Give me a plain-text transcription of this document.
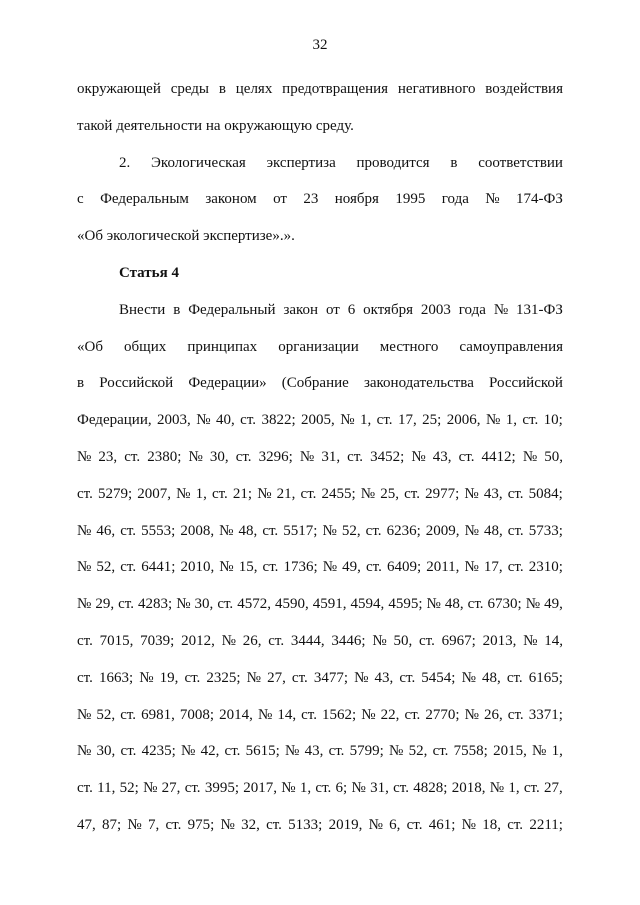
32
окружающей среды в целях предотвращения негативного воздействия
такой деятельности на окружающую среду.
2. Экологическая экспертиза проводится в соответствии
с Федеральным законом от 23 ноября 1995 года № 174-ФЗ
«Об экологической экспертизе».».
Статья 4
Внести в Федеральный закон от 6 октября 2003 года № 131-ФЗ
«Об общих принципах организации местного самоуправления
в Российской Федерации» (Собрание законодательства Российской
Федерации, 2003, № 40, ст. 3822; 2005, № 1, ст. 17, 25; 2006, № 1, ст. 10;
№ 23, ст. 2380; № 30, ст. 3296; № 31, ст. 3452; № 43, ст. 4412; № 50,
ст. 5279; 2007, № 1, ст. 21; № 21, ст. 2455; № 25, ст. 2977; № 43, ст. 5084;
№ 46, ст. 5553; 2008, № 48, ст. 5517; № 52, ст. 6236; 2009, № 48, ст. 5733;
№ 52, ст. 6441; 2010, № 15, ст. 1736; № 49, ст. 6409; 2011, № 17, ст. 2310;
№ 29, ст. 4283; № 30, ст. 4572, 4590, 4591, 4594, 4595; № 48, ст. 6730; № 49,
ст. 7015, 7039; 2012, № 26, ст. 3444, 3446; № 50, ст. 6967; 2013, № 14,
ст. 1663; № 19, ст. 2325; № 27, ст. 3477; № 43, ст. 5454; № 48, ст. 6165;
№ 52, ст. 6981, 7008; 2014, № 14, ст. 1562; № 22, ст. 2770; № 26, ст. 3371;
№ 30, ст. 4235; № 42, ст. 5615; № 43, ст. 5799; № 52, ст. 7558; 2015, № 1,
ст. 11, 52; № 27, ст. 3995; 2017, № 1, ст. 6; № 31, ст. 4828; 2018, № 1, ст. 27,
47, 87; № 7, ст. 975; № 32, ст. 5133; 2019, № 6, ст. 461; № 18, ст. 2211;
